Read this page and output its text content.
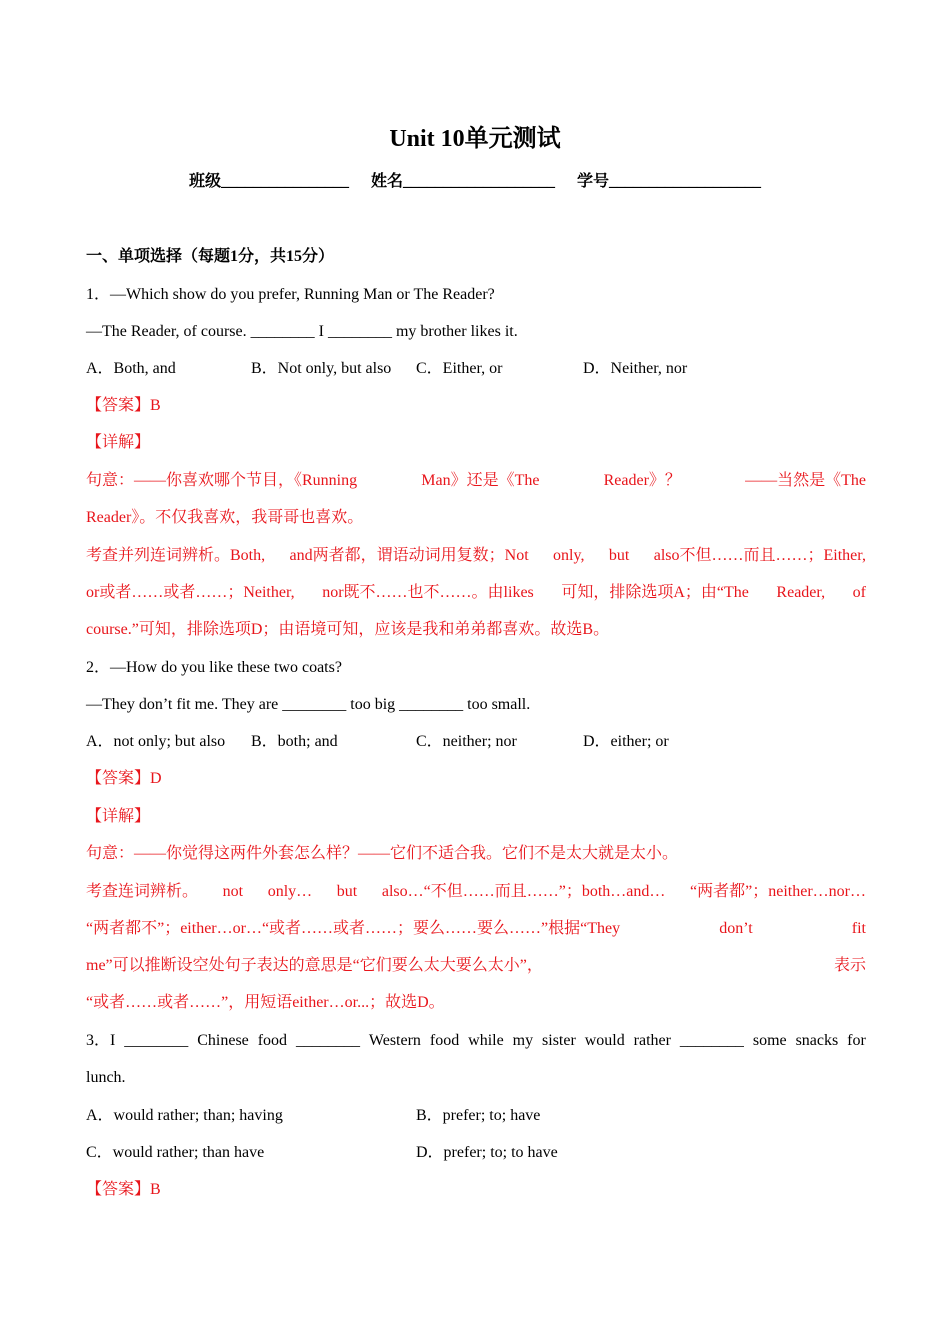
Unit 10单元测试
班级________________ 姓名___________________ 学号___________________
一、单项选择（每题1分，共15分）
1．—Which show do you prefer, Running Man or The Reader?
—The Reader, of course. ________ I ________ my brother likes it.
A．Both, and	B．Not only, but also C．Either, or	D．Neither, nor
【答案】B
【详解】
句意：——你喜欢哪个节目，《Running	Man》还是《The	Reader》？	——当然是《The
Reader》。不仅我喜欢，我哥哥也喜欢。
考查并列连词辨析。Both, and两者都，谓语动词用复数；Not only, but also不但……而且……；Either,
or或者……或者……；Neither, nor既不……也不……。由likes 可知，排除选项A；由“The Reader, of
course.”可知，排除选项D；由语境可知，应该是我和弟弟都喜欢。故选B。
2．—How do you like these two coats?
—They don’t fit me. They are ________ too big ________ too small.
A．not only; but also B．both; and	C．neither; nor	D．either; or
【答案】D
【详解】
句意：——你觉得这两件外套怎么样？——它们不适合我。它们不是太大就是太小。
考查连词辨析。 not only… but also…“不但……而且……”；both…and… “两者都”；neither…nor…
“两者都不”；either…or…“或者……或者……；要么……要么……”根据“They	don’t	fit
me”可以推断设空处句子表达的意思是“它们要么太大要么太小”，	表示
“或者……或者……”，用短语either…or...；故选D。
3．I ________ Chinese food ________ Western food while my sister would rather ________ some snacks for
lunch.
A．would rather; than; having	B．prefer; to; have
C．would rather; than have	D．prefer; to; to have
【答案】B
